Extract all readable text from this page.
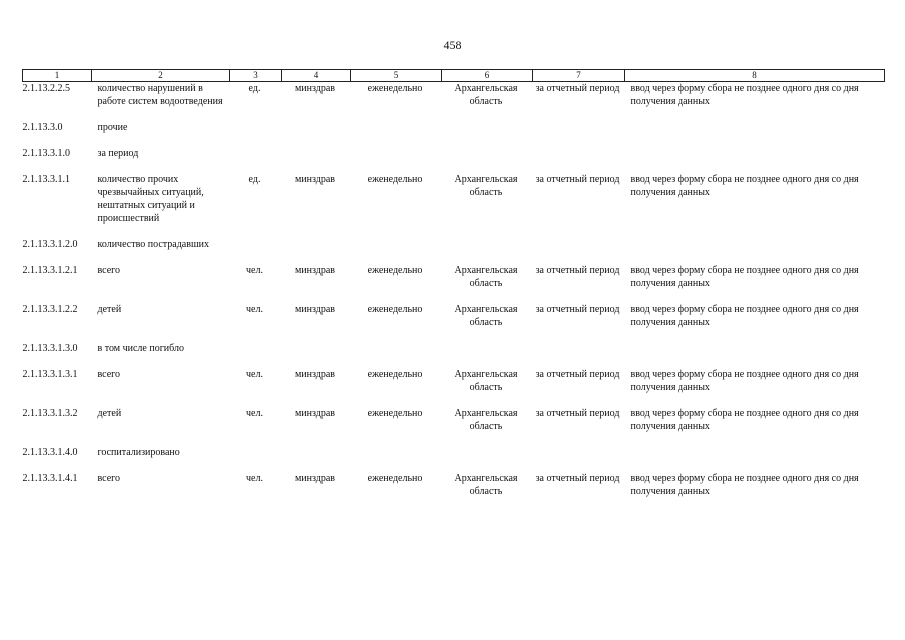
458
1	2	3	4	5	6	7	8
2.1.13.2.2.5	количество нарушений в работе систем водоотведения	ед.	минздрав	еженедельно	Архангельская область	за отчетный период	ввод через форму сбора не позднее одного дня со дня получения данных
2.1.13.3.0	прочие						
2.1.13.3.1.0	за период						
2.1.13.3.1.1	количество прочих чрезвычайных ситуаций, нештатных ситуаций и происшествий	ед.	минздрав	еженедельно	Архангельская область	за отчетный период	ввод через форму сбора не позднее одного дня со дня получения данных
2.1.13.3.1.2.0	количество пострадавших						
2.1.13.3.1.2.1	всего	чел.	минздрав	еженедельно	Архангельская область	за отчетный период	ввод через форму сбора не позднее одного дня со дня получения данных
2.1.13.3.1.2.2	детей	чел.	минздрав	еженедельно	Архангельская область	за отчетный период	ввод через форму сбора не позднее одного дня со дня получения данных
2.1.13.3.1.3.0	в том числе погибло						
2.1.13.3.1.3.1	всего	чел.	минздрав	еженедельно	Архангельская область	за отчетный период	ввод через форму сбора не позднее одного дня со дня получения данных
2.1.13.3.1.3.2	детей	чел.	минздрав	еженедельно	Архангельская область	за отчетный период	ввод через форму сбора не позднее одного дня со дня получения данных
2.1.13.3.1.4.0	госпитализировано						
2.1.13.3.1.4.1	всего	чел.	минздрав	еженедельно	Архангельская область	за отчетный период	ввод через форму сбора не позднее одного дня со дня получения данных
